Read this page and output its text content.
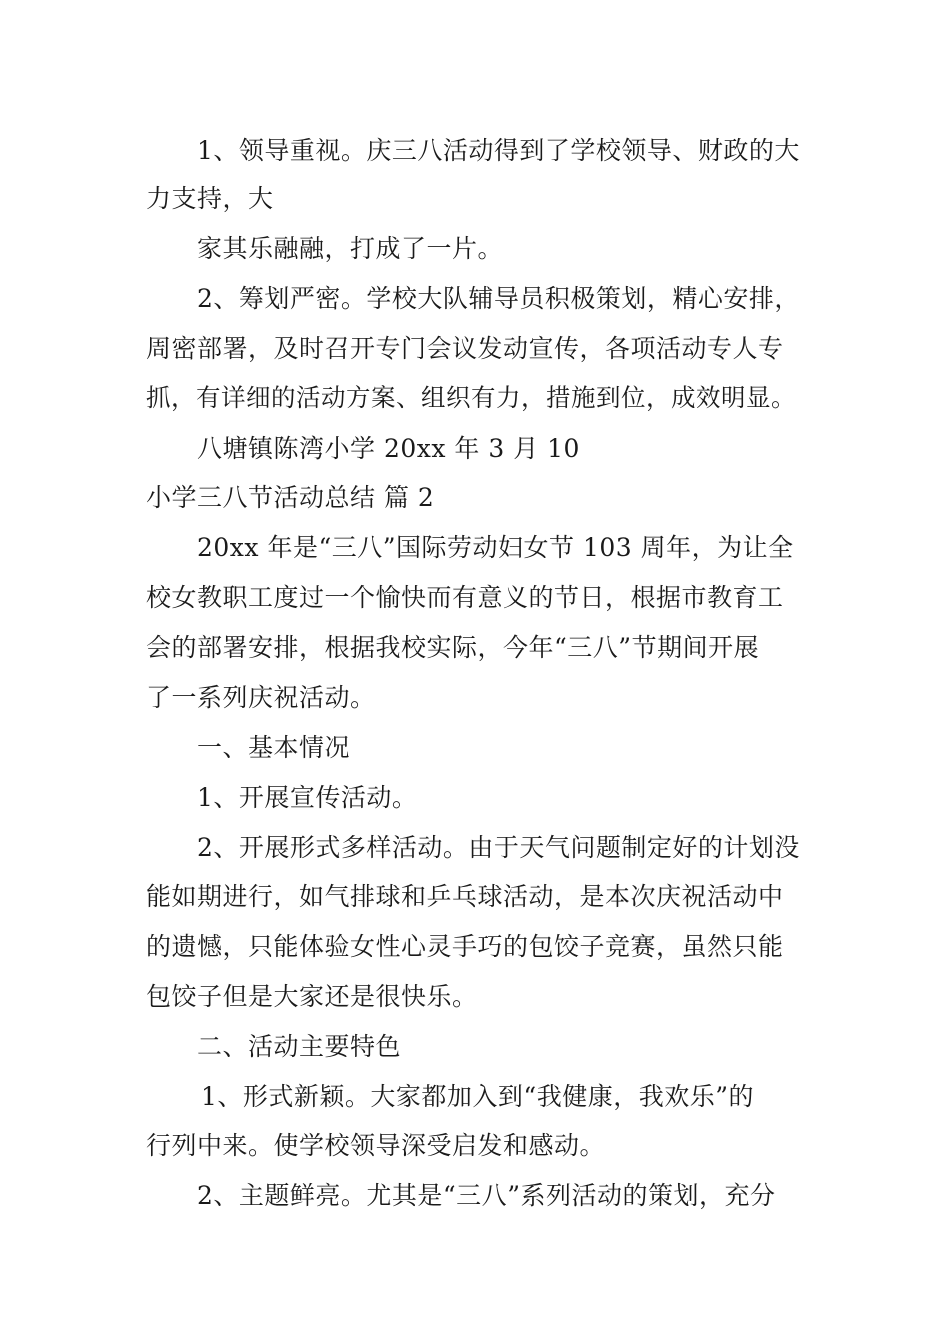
1、领导重视。庆三八活动得到了学校领导、财政的大
力支持，大
家其乐融融，打成了一片。
2、筹划严密。学校大队辅导员积极策划，精心安排，
周密部署，及时召开专门会议发动宣传，各项活动专人专
抓，有详细的活动方案、组织有力，措施到位，成效明显。
八塘镇陈湾小学 20xx 年 3 月 10
小学三八节活动总结 篇 2
20xx 年是“三八”国际劳动妇女节 103 周年，为让全
校女教职工度过一个愉快而有意义的节日，根据市教育工
会的部署安排，根据我校实际，今年“三八”节期间开展
了一系列庆祝活动。
一、基本情况
1、开展宣传活动。
2、开展形式多样活动。由于天气问题制定好的计划没
能如期进行，如气排球和乒乓球活动，是本次庆祝活动中
的遗憾，只能体验女性心灵手巧的包饺子竞赛，虽然只能
包饺子但是大家还是很快乐。
二、活动主要特色
1、形式新颖。大家都加入到“我健康，我欢乐”的
行列中来。使学校领导深受启发和感动。
2、主题鲜亮。尤其是“三八”系列活动的策划，充分
